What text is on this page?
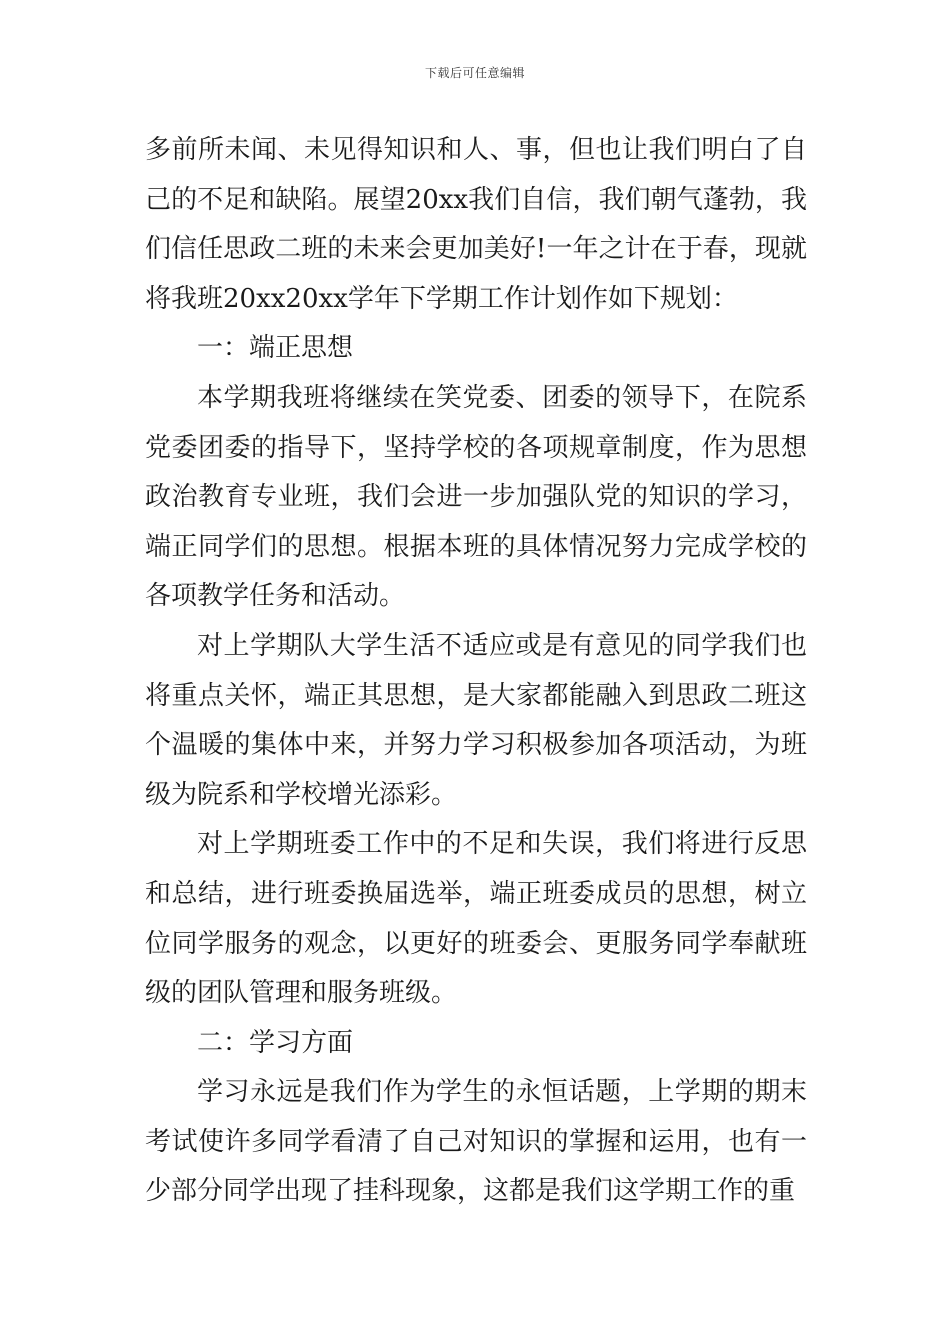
下载后可任意编辑

多前所未闻、未见得知识和人、事，但也让我们明白了自己的不足和缺陷。展望20xx我们自信，我们朝气蓬勃，我们信任思政二班的未来会更加美好!一年之计在于春，现就将我班20xx20xx学年下学期工作计划作如下规划：

一：端正思想

本学期我班将继续在笑党委、团委的领导下，在院系党委团委的指导下，坚持学校的各项规章制度，作为思想政治教育专业班，我们会进一步加强队党的知识的学习，端正同学们的思想。根据本班的具体情况努力完成学校的各项教学任务和活动。

对上学期队大学生活不适应或是有意见的同学我们也将重点关怀，端正其思想，是大家都能融入到思政二班这个温暖的集体中来，并努力学习积极参加各项活动，为班级为院系和学校增光添彩。

对上学期班委工作中的不足和失误，我们将进行反思和总结，进行班委换届选举，端正班委成员的思想，树立位同学服务的观念，以更好的班委会、更服务同学奉献班级的团队管理和服务班级。

二：学习方面

学习永远是我们作为学生的永恒话题，上学期的期末考试使许多同学看清了自己对知识的掌握和运用，也有一少部分同学出现了挂科现象，这都是我们这学期工作的重
